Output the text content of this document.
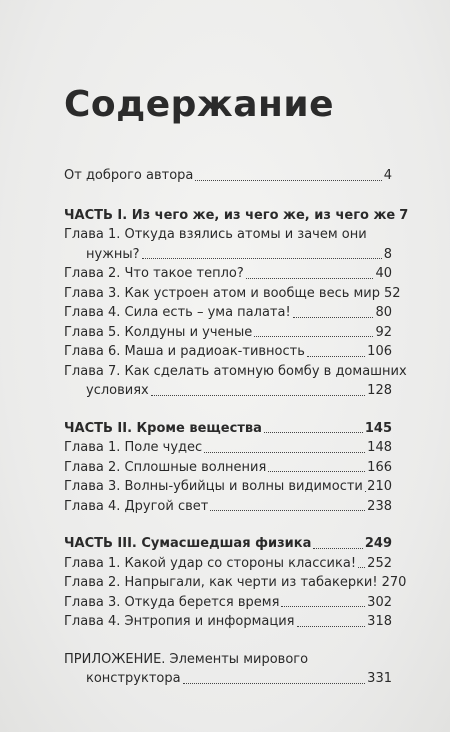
Содержание
От доброго автора	4
ЧАСТЬ I. Из чего же, из чего же, из чего же 7
Глава 1. Откуда взялись атомы и зачем они
нужны?	8
Глава 2. Что такое тепло?	40
Глава 3. Как устроен атом и вообще весь мир 52
Глава 4. Сила есть – ума палата!	80
Глава 5. Колдуны и ученые	92
Глава 6. Маша и радиоак-тивность	106
Глава 7. Как сделать атомную бомбу в домашних
условиях	128
ЧАСТЬ II. Кроме вещества	145
Глава 1. Поле чудес	148
Глава 2. Сплошные волнения	166
Глава 3. Волны-убийцы и волны видимости 210
Глава 4. Другой свет	238
ЧАСТЬ III. Сумасшедшая физика	249
Глава 1. Какой удар со стороны классика! 252
Глава 2. Напрыгали, как черти из табакерки! 270
Глава 3. Откуда берется время	302
Глава 4. Энтропия и информация	318
ПРИЛОЖЕНИЕ. Элементы мирового
конструктора	331
